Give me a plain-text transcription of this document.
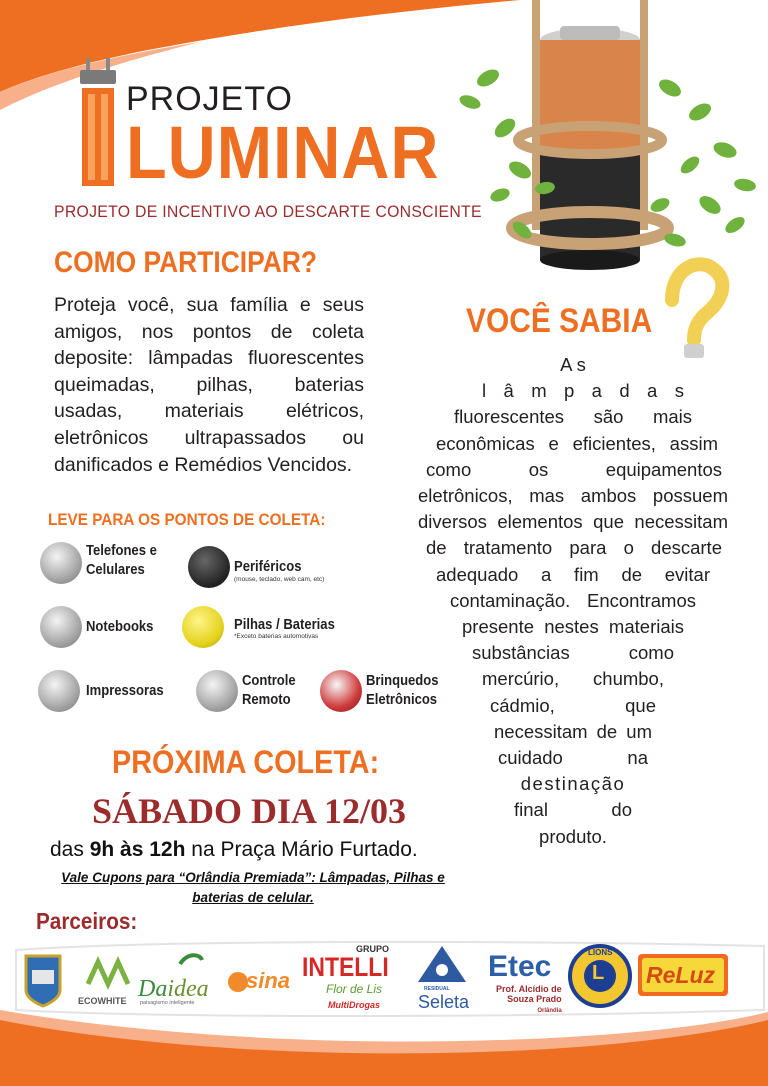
PROJETO
LUMINAR
PROJETO DE INCENTIVO AO DESCARTE CONSCIENTE
COMO PARTICIPAR?
Proteja você, sua família e seus
amigos, nos pontos de coleta
deposite: lâmpadas fluorescentes
queimadas, pilhas, baterias
usadas, materiais elétricos,
eletrônicos ultrapassados ou
danificados e Remédios Vencidos.
LEVE PARA OS PONTOS DE COLETA:
Telefones e
Celulares	Periféricos
(mouse, teclado, web cam, etc)
Notebooks	Pilhas / Baterias
*Exceto baterias automotivas
Impressoras
Controle
Remoto
Brinquedos
Eletrônicos
PRÓXIMA COLETA:
SÁBADO DIA 12/03
das 9h às 12h na Praça Mário Furtado.
Vale Cupons para “Orlândia Premiada”: Lâmpadas, Pilhas e
baterias de celular.
VOCÊ SABIA
A s
l â m p a d a s
fluorescentes são mais
econômicas e eficientes, assim
como os equipamentos
eletrônicos, mas ambos possuem
diversos elementos que necessitam
de tratamento para o descarte
adequado a fim de evitar
contaminação. Encontramos
presente nestes materiais
substâncias como
mercúrio, chumbo,
cádmio, que
necessitam de um
cuidado na
destinação
final do
produto.
Parceiros:
ECOWHITE Daidea
paisagismo inteligente
sina
GRUPO
INTELLI
Flor de Lis
MultiDrogas
RESIDUAL
Seleta
Etec
Prof. Alcídio de
Souza Prado
Orlândia
LIONS
L ReLuz
